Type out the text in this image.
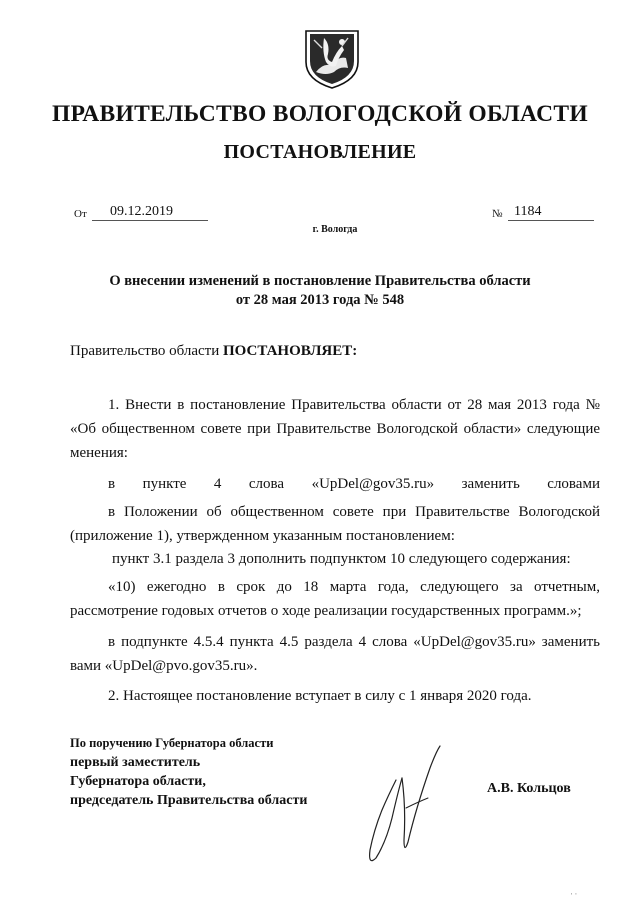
ПРАВИТЕЛЬСТВО ВОЛОГОДСКОЙ ОБЛАСТИ
ПОСТАНОВЛЕНИЕ
От	09.12.2019	№ 1184
г. Вологда
О внесении изменений в постановление Правительства области
от 28 мая 2013 года № 548
Правительство области ПОСТАНОВЛЯЕТ:
1. Внести в постановление Правительства области от 28 мая 2013 года №
«Об общественном совете при Правительстве Вологодской области» следующие
менения:
в пункте 4 слова «UpDel@gov35.ru» заменить словами
в Положении об общественном совете при Правительстве Вологодской
(приложение 1), утвержденном указанным постановлением:
пункт 3.1 раздела 3 дополнить подпунктом 10 следующего содержания:
«10) ежегодно в срок до 18 марта года, следующего за отчетным,
рассмотрение годовых отчетов о ходе реализации государственных программ.»;
в подпункте 4.5.4 пункта 4.5 раздела 4 слова «UpDel@gov35.ru» заменить
вами «UpDel@pvo.gov35.ru».
2. Настоящее постановление вступает в силу с 1 января 2020 года.
По поручению Губернатора области
первый заместитель
Губернатора области,
председатель Правительства области
А.В. Кольцов
ˈ ˈ
